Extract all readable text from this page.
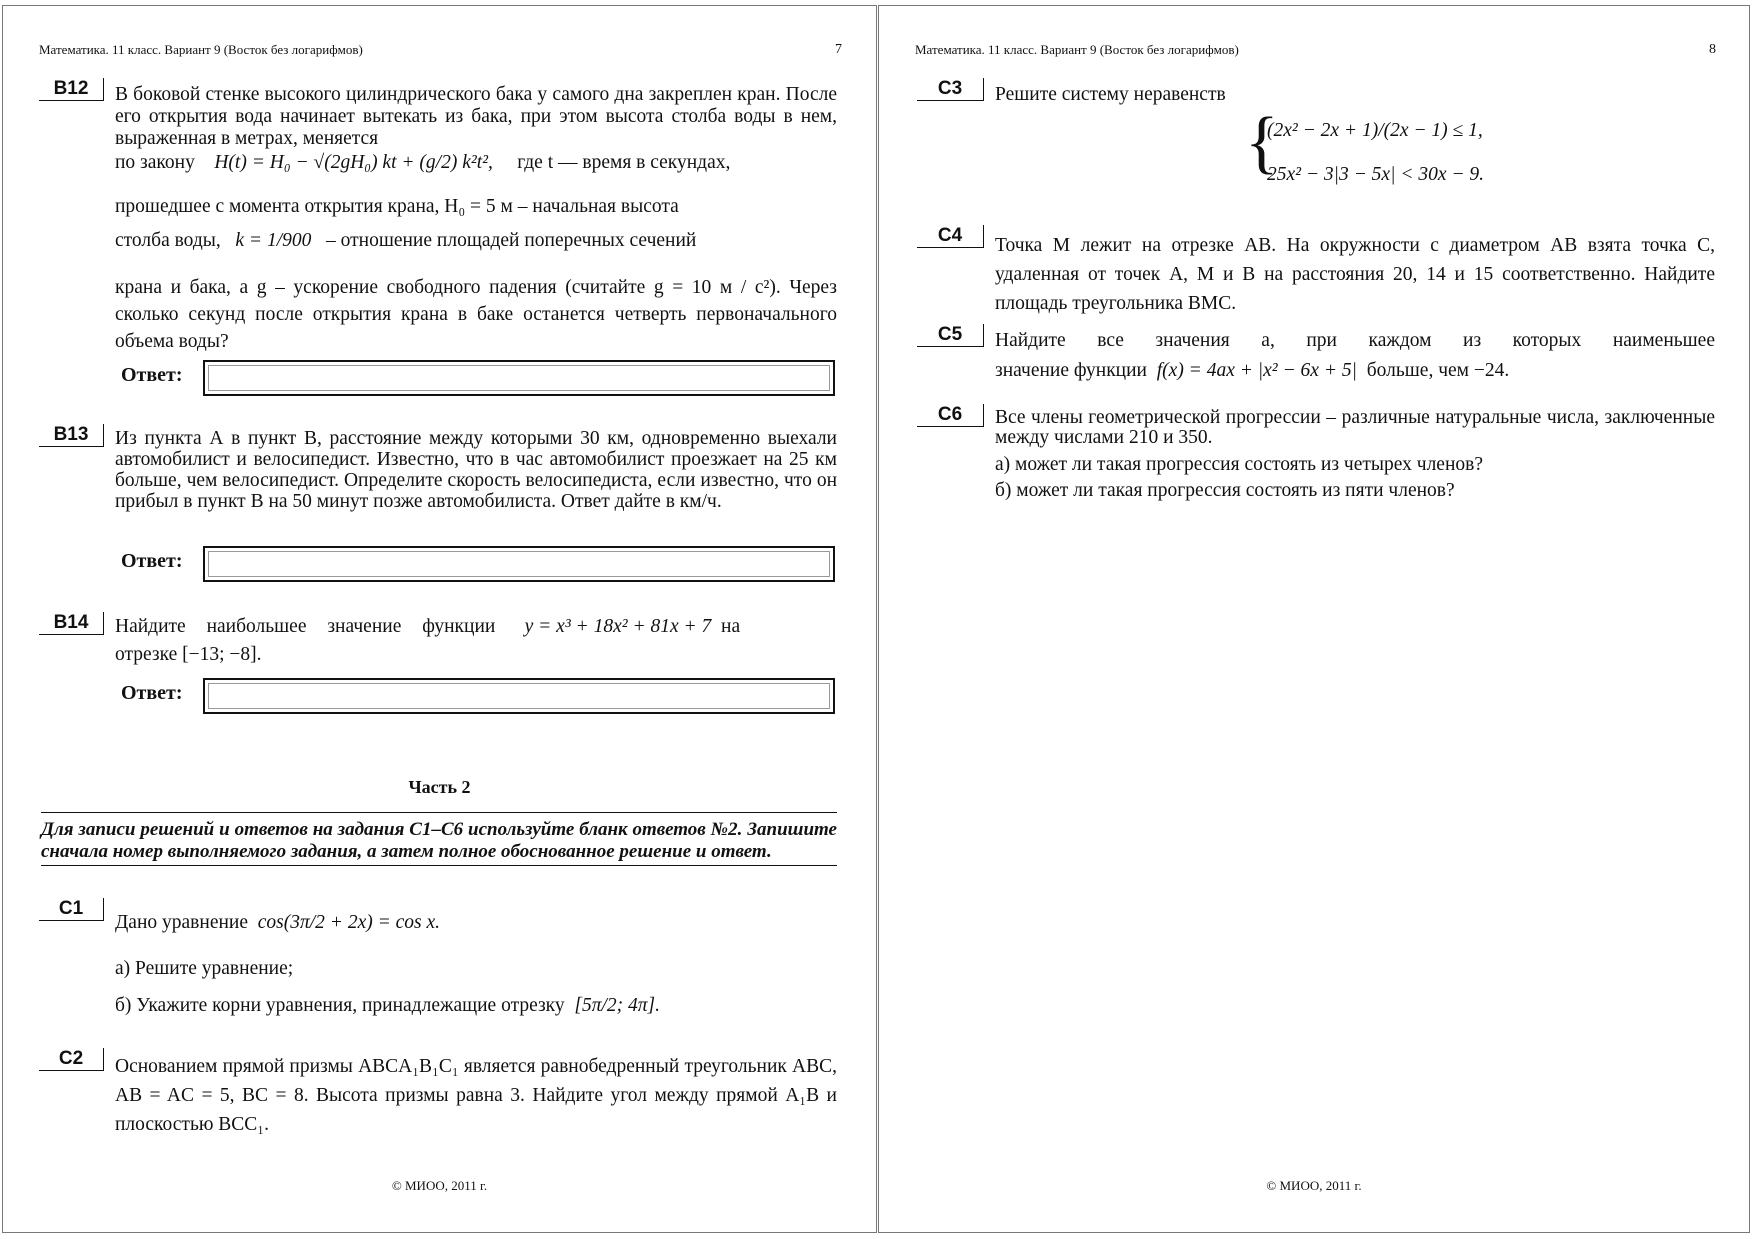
Математика. 11 класс. Вариант 9 (Восток без логарифмов)	7
B12	В боковой стенке высокого цилиндрического бака у самого дна закреплен кран. После его открытия вода начинает вытекать из бака, при этом высота столба воды в нем, выраженная в метрах, меняется
по закону H(t) = H₀ − √(2gH₀) kt + (g/2) k²t², где t — время в секундах,
прошедшее с момента открытия крана, H₀ = 5 м – начальная высота
столба воды, k = 1/900 – отношение площадей поперечных сечений
крана и бака, а g – ускорение свободного падения (считайте g = 10 м / с²). Через сколько секунд после открытия крана в баке останется четверть первоначального объема воды?
Ответ:
B13	Из пункта А в пункт В, расстояние между которыми 30 км, одновременно выехали автомобилист и велосипедист. Известно, что в час автомобилист проезжает на 25 км больше, чем велосипедист. Определите скорость велосипедиста, если известно, что он прибыл в пункт В на 50 минут позже автомобилиста. Ответ дайте в км/ч.
Ответ:
B14	Найдите наибольшее значение функции y = x³ + 18x² + 81x + 7 на
отрезке [−13; −8].
Ответ:
Часть 2
Для записи решений и ответов на задания С1–С6 используйте бланк ответов №2. Запишите сначала номер выполняемого задания, а затем полное обоснованное решение и ответ.
C1
Дано уравнение cos(3π/2 + 2x) = cos x.
а) Решите уравнение;
б) Укажите корни уравнения, принадлежащие отрезку [5π/2; 4π].
C2	Основанием прямой призмы ABCA₁B₁C₁ является равнобедренный треугольник ABC, AB = AC = 5, BC = 8. Высота призмы равна 3. Найдите угол между прямой A₁B и плоскостью BCC₁.
© МИОО, 2011 г.
Математика. 11 класс. Вариант 9 (Восток без логарифмов)	8
C3	Решите систему неравенств
{
(2x² − 2x + 1)/(2x − 1) ≤ 1,
25x² − 3|3 − 5x| < 30x − 9.
C4	Точка M лежит на отрезке AB. На окружности с диаметром AB взята точка C, удаленная от точек A, M и B на расстояния 20, 14 и 15 соответственно. Найдите площадь треугольника BMC.
C5	Найдите все значения a, при каждом из которых наименьшее
значение функции f(x) = 4ax + |x² − 6x + 5| больше, чем −24.
C6	Все члены геометрической прогрессии – различные натуральные числа, заключенные между числами 210 и 350.
а) может ли такая прогрессия состоять из четырех членов?
б) может ли такая прогрессия состоять из пяти членов?
© МИОО, 2011 г.
